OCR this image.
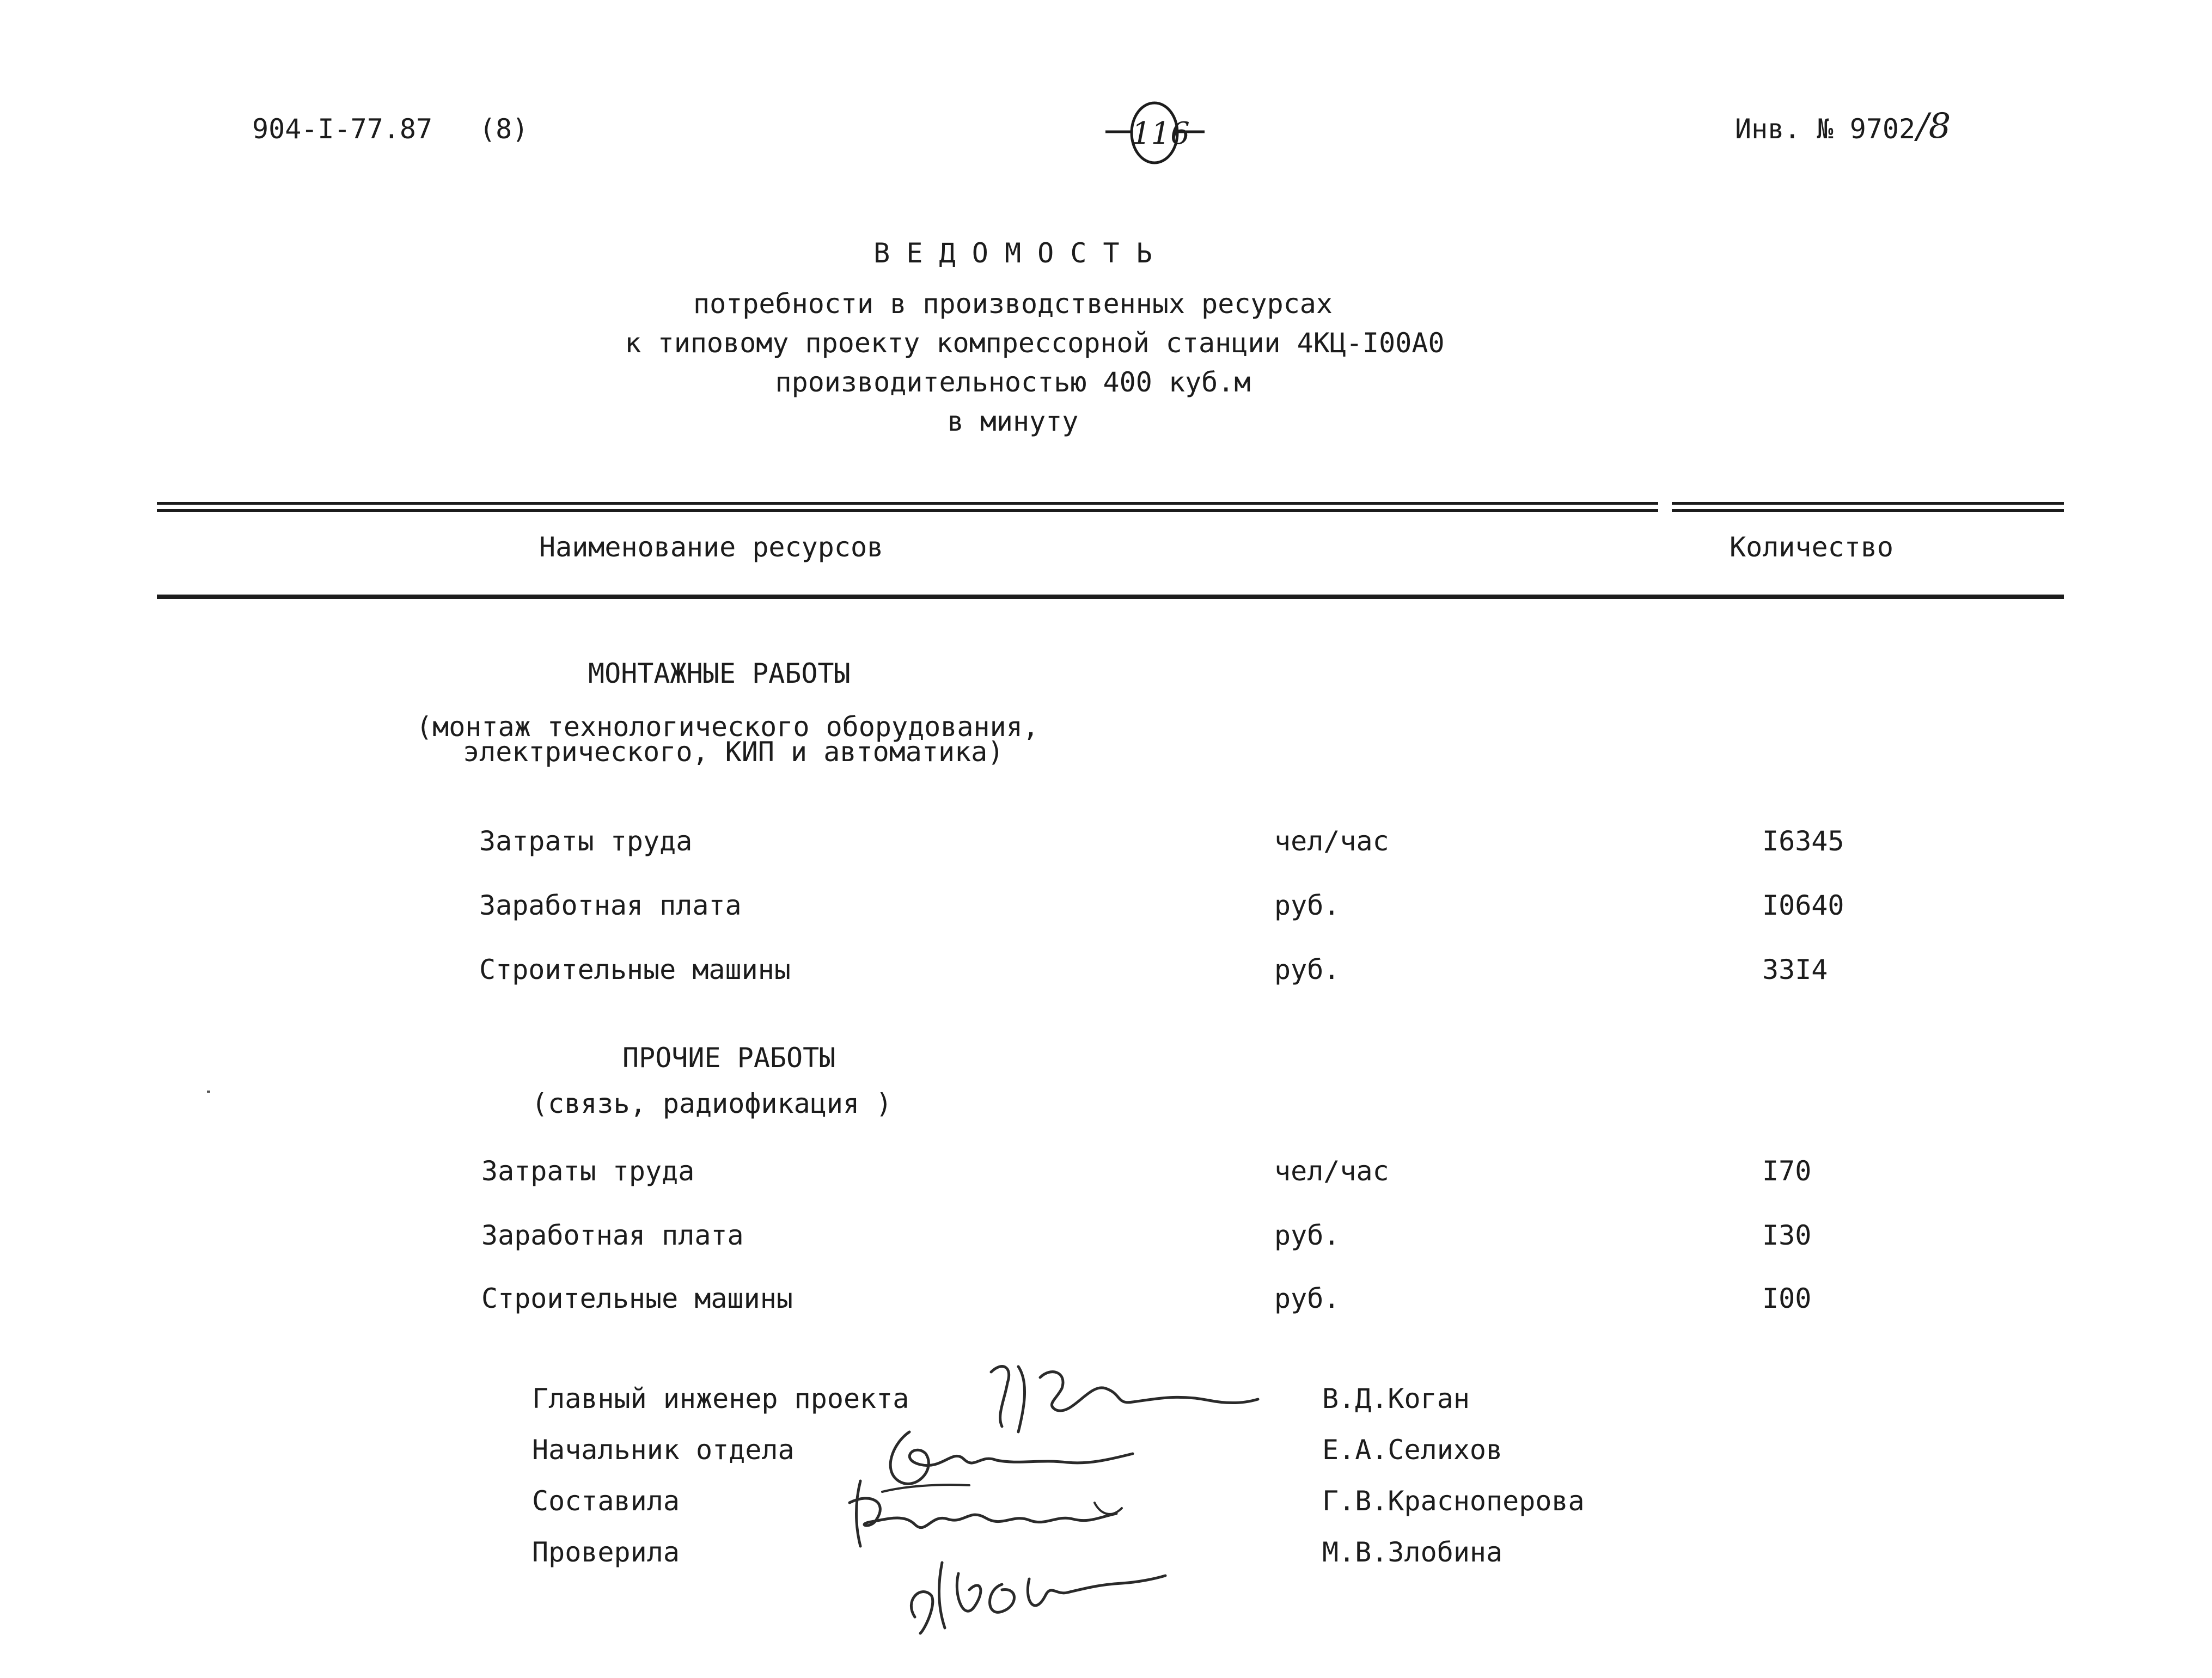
904-I-77.87 (8)	116	Инв. № 9702 /8
В Е Д О М О С Т Ь
потребности в производственных ресурсах
к типовому проекту компрессорной станции 4КЦ-I00А0
производительностью 400 куб.м
в минуту
Наименование ресурсов	Количество
МОНТАЖНЫЕ РАБОТЫ
(монтаж технологического оборудования,
электрического, КИП и автоматика)
Затраты труда	чел/час	I6345
Заработная плата	руб.	I0640
Строительные машины	руб.	33I4
ПРОЧИЕ РАБОТЫ
(связь, радиофикация )
Затраты труда	чел/час	I70
Заработная плата	руб.	I30
Строительные машины	руб.	I00
Главный инженер проекта	В.Д.Коган
Начальник отдела	Е.А.Селихов
Составила	Г.В.Красноперова
Проверила	М.В.Злобина
